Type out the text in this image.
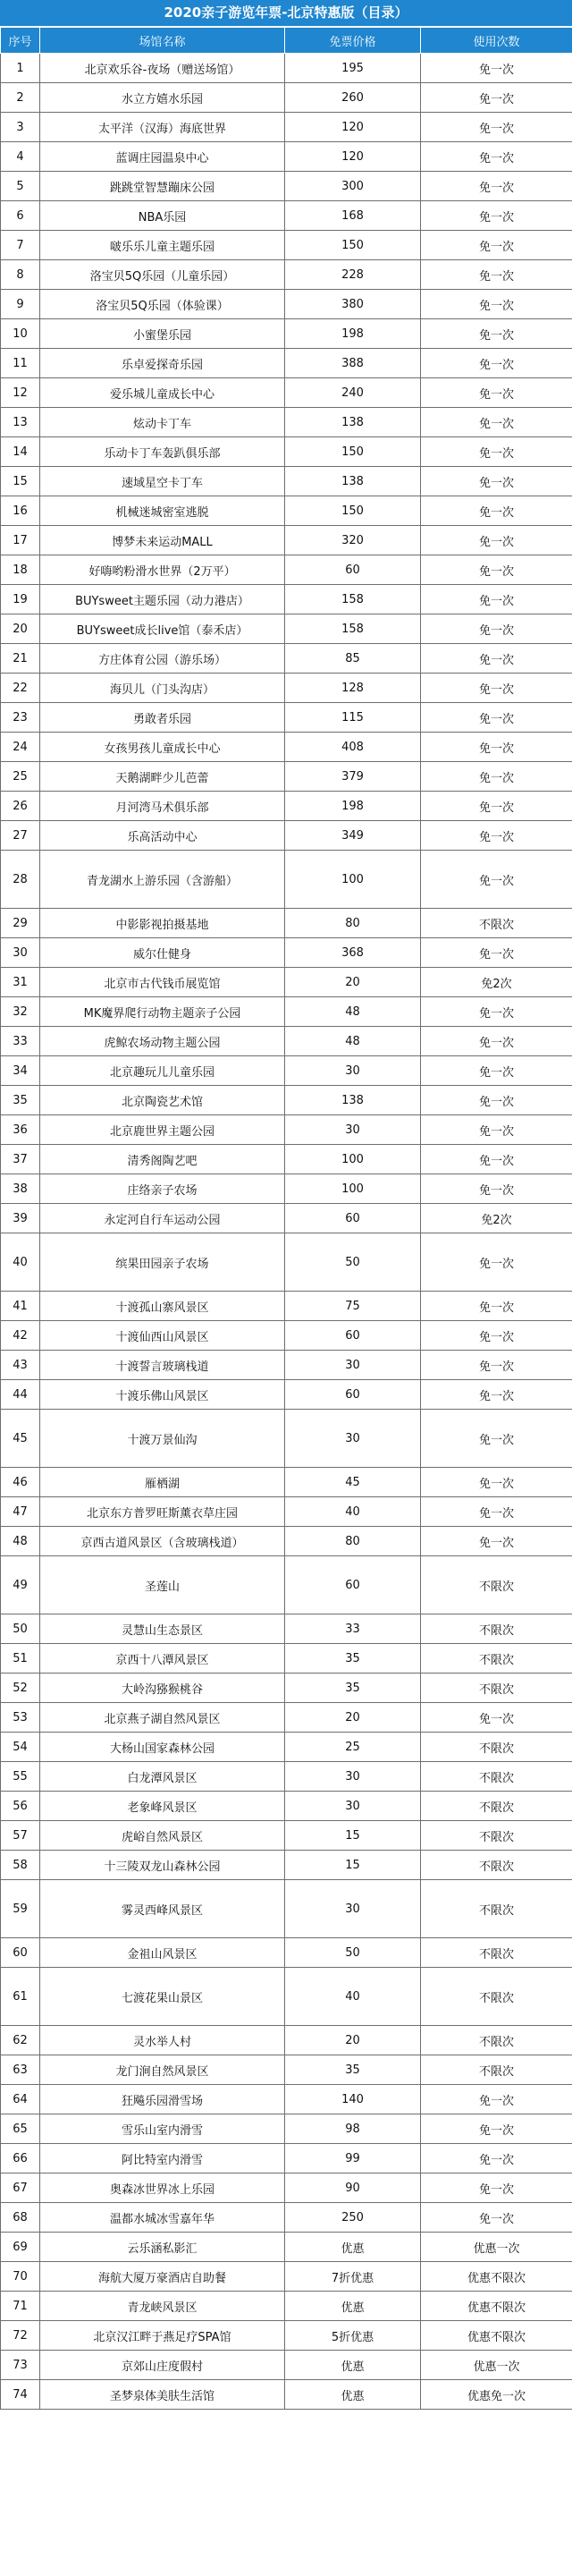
2020亲子游览年票-北京特惠版（目录）
序号	场馆名称	免票价格	使用次数
1	北京欢乐谷-夜场（赠送场馆）	195	免一次
2	水立方嬉水乐园	260	免一次
3	太平洋（汉海）海底世界	120	免一次
4	蓝调庄园温泉中心	120	免一次
5	跳跳堂智慧蹦床公园	300	免一次
6	NBA乐园	168	免一次
7	啵乐乐儿童主题乐园	150	免一次
8	洛宝贝5Q乐园（儿童乐园）	228	免一次
9	洛宝贝5Q乐园（体验课）	380	免一次
10	小蜜堡乐园	198	免一次
11	乐卓爱探奇乐园	388	免一次
12	爱乐城儿童成长中心	240	免一次
13	炫动卡丁车	138	免一次
14	乐动卡丁车轰趴俱乐部	150	免一次
15	速域星空卡丁车	138	免一次
16	机械迷城密室逃脱	150	免一次
17	博梦未来运动MALL	320	免一次
18	好嗨哟粉滑水世界（2万平）	60	免一次
19	BUYsweet主题乐园（动力港店）	158	免一次
20	BUYsweet成长live馆（泰禾店）	158	免一次
21	方庄体育公园（游乐场）	85	免一次
22	海贝儿（门头沟店）	128	免一次
23	勇敢者乐园	115	免一次
24	女孩男孩儿童成长中心	408	免一次
25	天鹅湖畔少儿芭蕾	379	免一次
26	月河湾马术俱乐部	198	免一次
27	乐高活动中心	349	免一次
28	青龙湖水上游乐园（含游船）	100	免一次
29	中影影视拍摄基地	80	不限次
30	威尔仕健身	368	免一次
31	北京市古代钱币展览馆	20	免2次
32	MK魔界爬行动物主题亲子公园	48	免一次
33	虎鲸农场动物主题公园	48	免一次
34	北京趣玩儿儿童乐园	30	免一次
35	北京陶瓷艺术馆	138	免一次
36	北京鹿世界主题公园	30	免一次
37	清秀阁陶艺吧	100	免一次
38	庄络亲子农场	100	免一次
39	永定河自行车运动公园	60	免2次
40	缤果田园亲子农场	50	免一次
41	十渡孤山寨风景区	75	免一次
42	十渡仙西山风景区	60	免一次
43	十渡誓言玻璃栈道	30	免一次
44	十渡乐佛山风景区	60	免一次
45	十渡万景仙沟	30	免一次
46	雁栖湖	45	免一次
47	北京东方普罗旺斯薰衣草庄园	40	免一次
48	京西古道风景区（含玻璃栈道）	80	免一次
49	圣莲山	60	不限次
50	灵慧山生态景区	33	不限次
51	京西十八潭风景区	35	不限次
52	大岭沟猕猴桃谷	35	不限次
53	北京燕子湖自然风景区	20	免一次
54	大杨山国家森林公园	25	不限次
55	白龙潭风景区	30	不限次
56	老象峰风景区	30	不限次
57	虎峪自然风景区	15	不限次
58	十三陵双龙山森林公园	15	不限次
59	雾灵西峰风景区	30	不限次
60	金祖山风景区	50	不限次
61	七渡花果山景区	40	不限次
62	灵水举人村	20	不限次
63	龙门涧自然风景区	35	不限次
64	狂飚乐园滑雪场	140	免一次
65	雪乐山室内滑雪	98	免一次
66	阿比特室内滑雪	99	免一次
67	奥森冰世界冰上乐园	90	免一次
68	温都水城冰雪嘉年华	250	免一次
69	云乐涵私影汇	优惠	优惠一次
70	海航大厦万豪酒店自助餐	7折优惠	优惠不限次
71	青龙峡风景区	优惠	优惠不限次
72	北京汉江畔于燕足疗SPA馆	5折优惠	优惠不限次
73	京郊山庄度假村	优惠	优惠一次
74	圣梦泉体美肤生活馆	优惠	优惠免一次
